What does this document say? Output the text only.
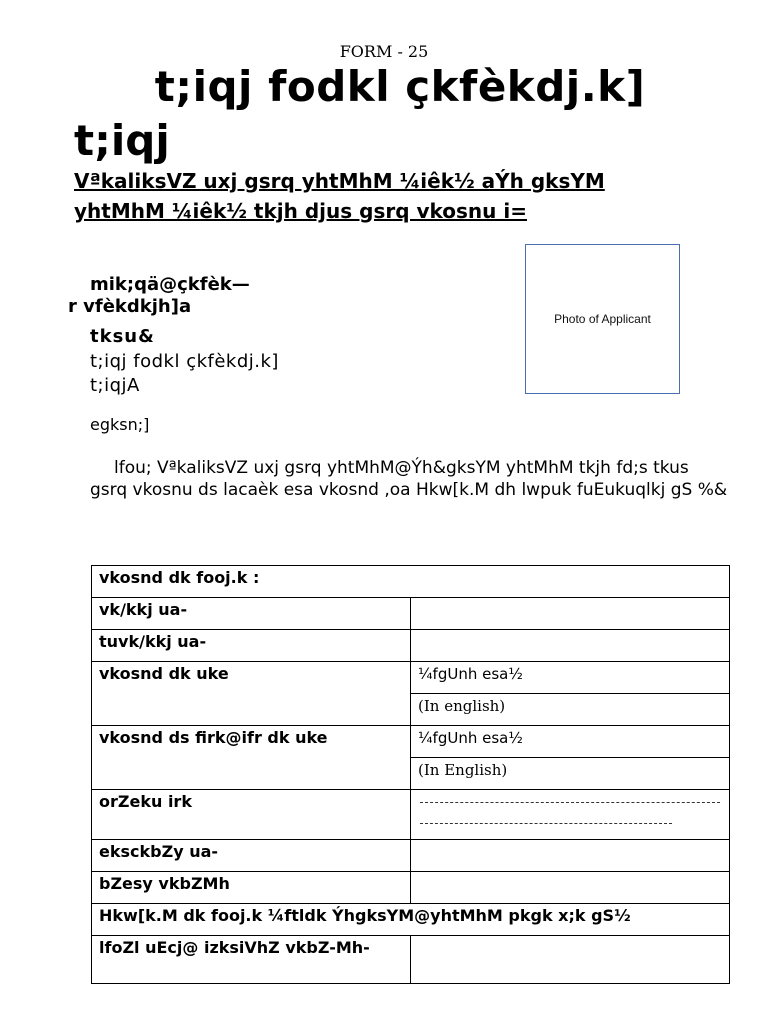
FORM - 25
t;iqj fodkl çkfèkdj.k]
t;iqj
VªkaliksVZ uxj gsrq yhtMhM ¼iêk½ aÝh gksYM
yhtMhM ¼iêk½ tkjh djus gsrq vkosnu i=
Photo of Applicant
mik;qä@çkfèk—
r vfèkdkjh]a
tksu&
t;iqj fodkl çkfèkdj.k]
t;iqjA
egksn;]
lfou; VªkaliksVZ uxj gsrq yhtMhM@Ýh&gksYM yhtMhM tkjh fd;s tkus gsrq vkosnu ds lacaèk esa vkosnd ,oa Hkw[k.M dh lwpuk fuEukuqlkj gS %&
vkosnd dk fooj.k :	
vk/kkj ua-	
tuvk/kkj ua-	
vkosnd dk uke	¼fgUnh esa½
	(In english)
vkosnd ds firk@ifr dk uke	¼fgUnh esa½
	(In English)
orZeku irk	

eksckbZy ua-	
bZesy vkbZMh	
Hkw[k.M dk fooj.k ¼ftldk ÝhgksYM@yhtMhM pkgk x;k gS½	
lfoZl uEcj@ izksiVhZ vkbZ-Mh-	
